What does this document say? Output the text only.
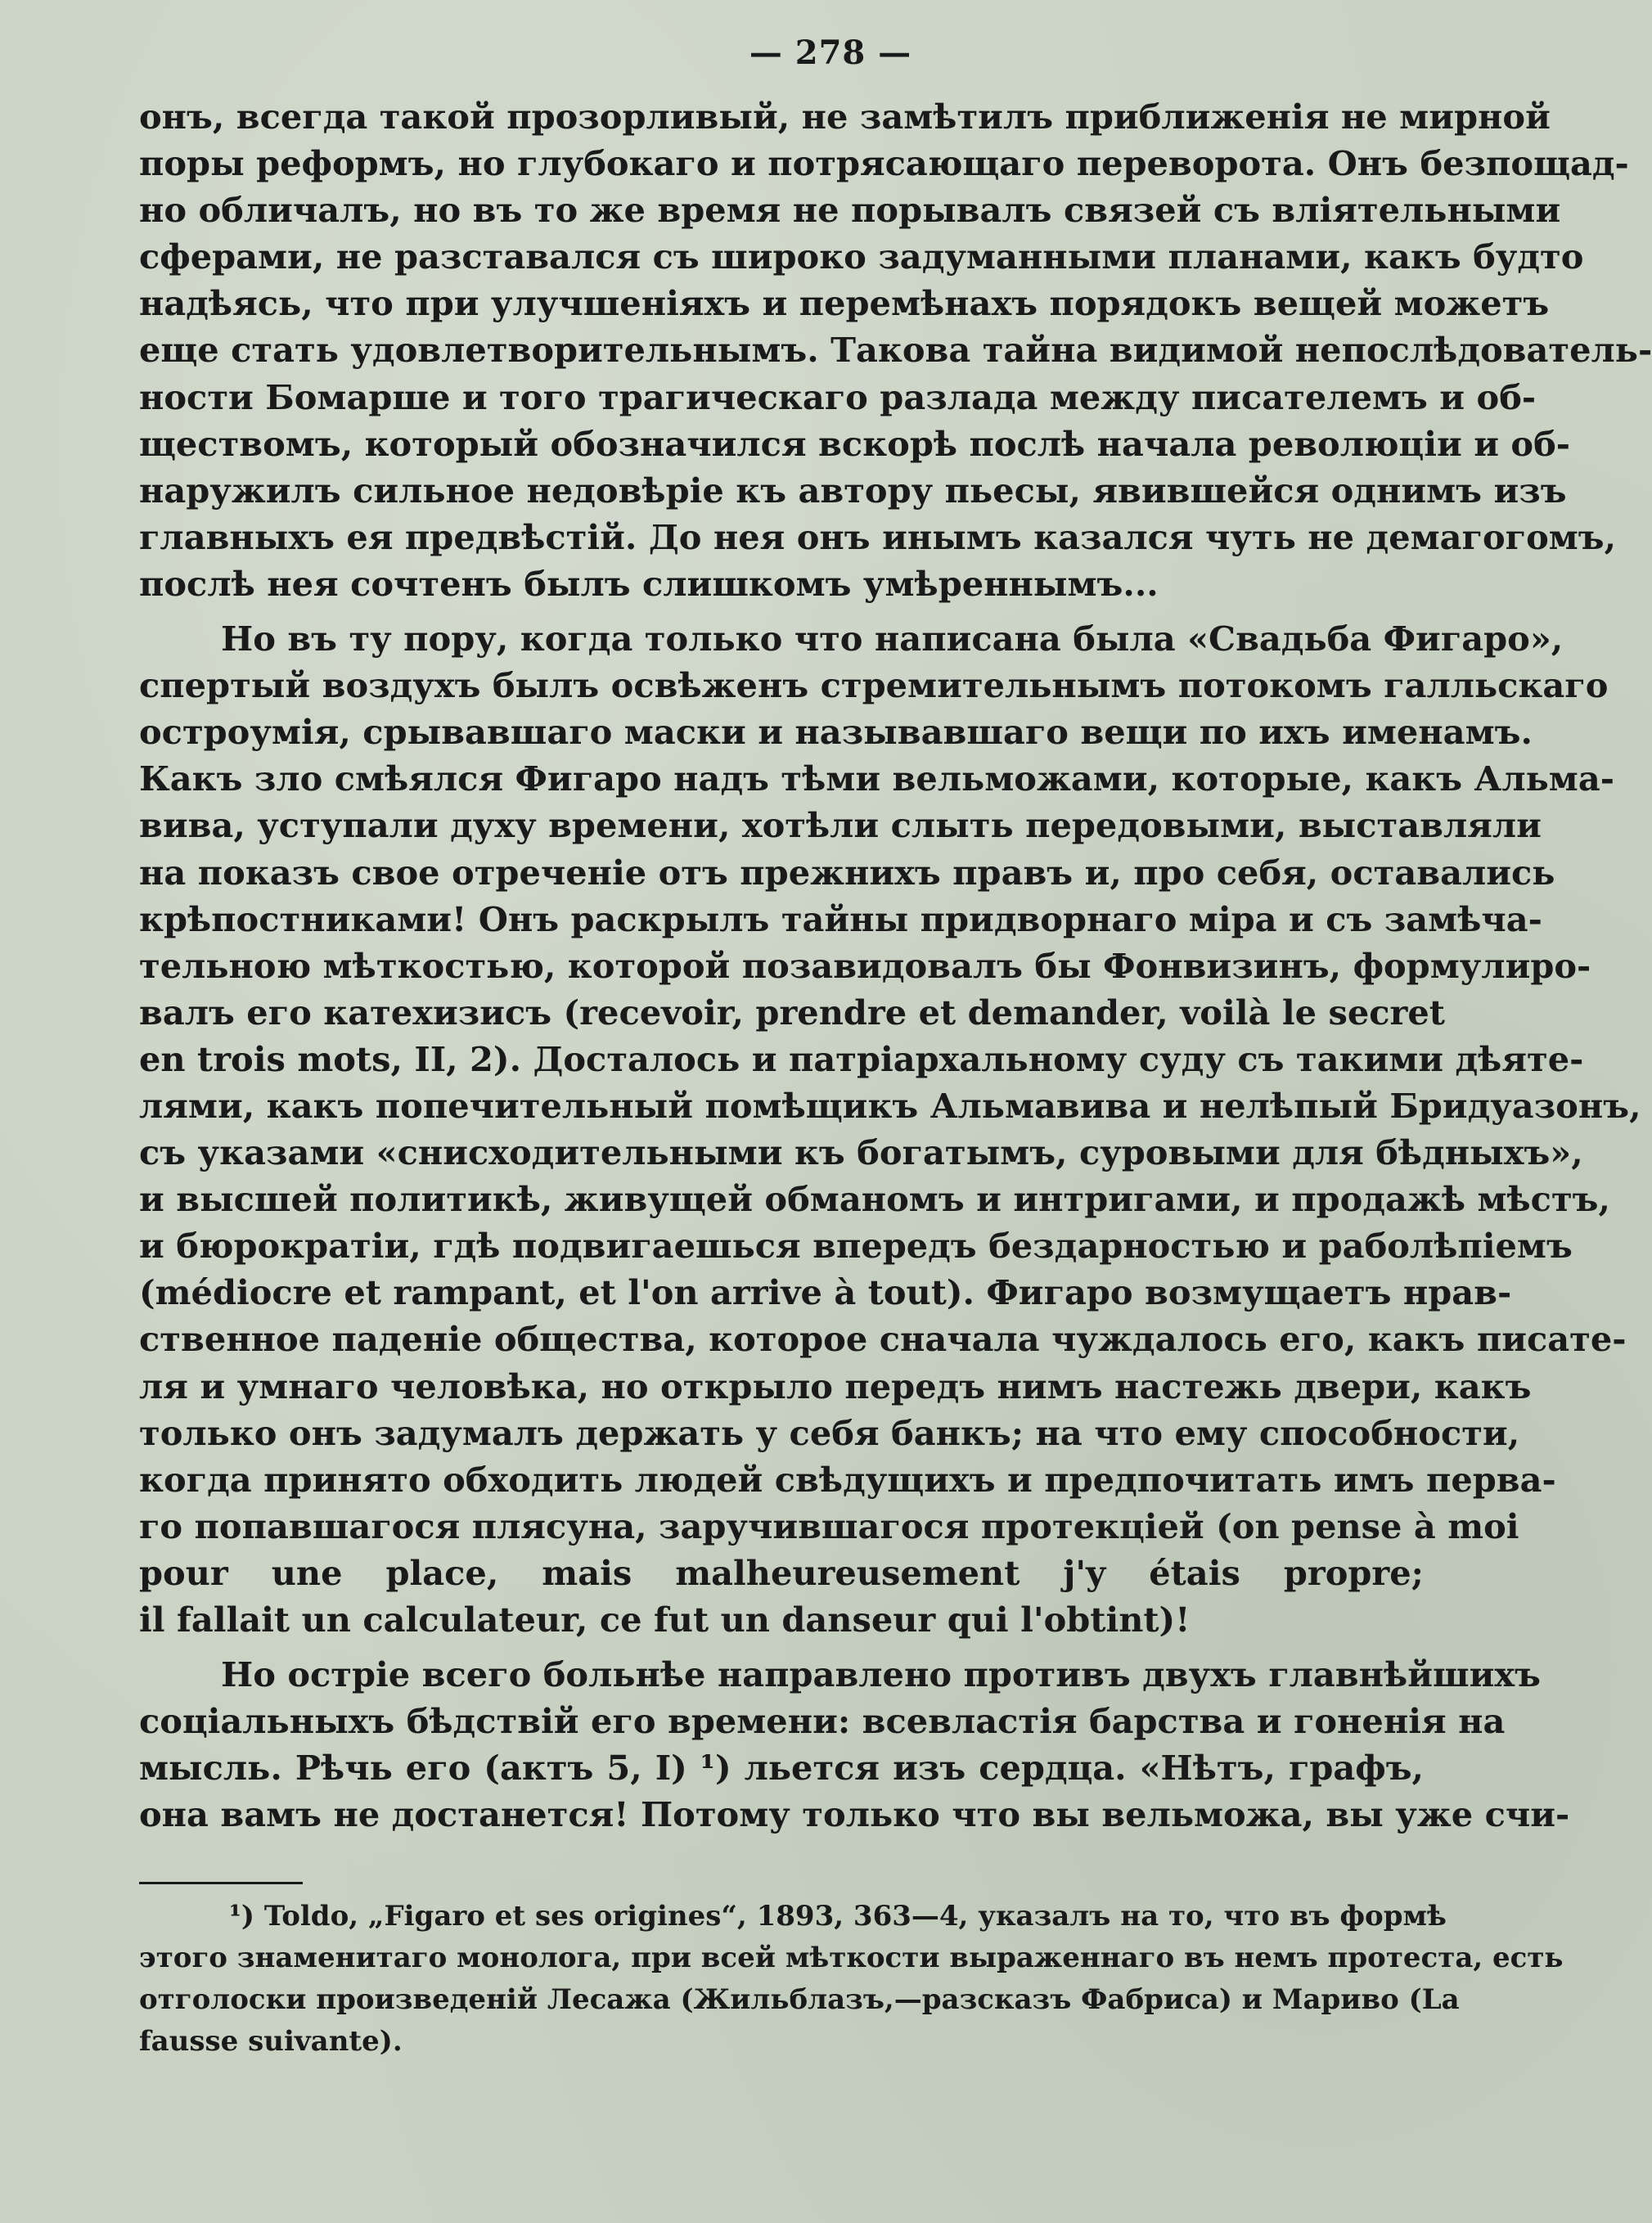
— 278 —
онъ, всегда такой прозорливый, не замѣтилъ приближенія не мирной
поры реформъ, но глубокаго и потрясающаго переворота. Онъ безпощад-
но обличалъ, но въ то же время не порывалъ связей съ вліятельными
сферами, не разставался съ широко задуманными планами, какъ будто
надѣясь, что при улучшеніяхъ и перемѣнахъ порядокъ вещей можетъ
еще стать удовлетворительнымъ. Такова тайна видимой непослѣдователь-
ности Бомарше и того трагическаго разлада между писателемъ и об-
ществомъ, который обозначился вскорѣ послѣ начала революціи и об-
наружилъ сильное недовѣріе къ автору пьесы, явившейся однимъ изъ
главныхъ ея предвѣстій. До нея онъ инымъ казался чуть не демагогомъ,
послѣ нея сочтенъ былъ слишкомъ умѣреннымъ...
Но въ ту пору, когда только что написана была «Свадьба Фигаро»,
спертый воздухъ былъ освѣженъ стремительнымъ потокомъ галльскаго
остроумія, срывавшаго маски и называвшаго вещи по ихъ именамъ.
Какъ зло смѣялся Фигаро надъ тѣми вельможами, которые, какъ Альма-
вива, уступали духу времени, хотѣли слыть передовыми, выставляли
на показъ свое отреченіе отъ прежнихъ правъ и, про себя, оставались
крѣпостниками! Онъ раскрылъ тайны придворнаго міра и съ замѣча-
тельною мѣткостью, которой позавидовалъ бы Фонвизинъ, формулиро-
валъ его катехизисъ (recevoir, prendre et demander, voilà le secret
en trois mots, II, 2). Досталось и патріархальному суду съ такими дѣяте-
лями, какъ попечительный помѣщикъ Альмавива и нелѣпый Бридуазонъ,
съ указами «снисходительными къ богатымъ, суровыми для бѣдныхъ»,
и высшей политикѣ, живущей обманомъ и интригами, и продажѣ мѣстъ,
и бюрократіи, гдѣ подвигаешься впередъ бездарностью и раболѣпіемъ
(médiocre et rampant, et l'on arrive à tout). Фигаро возмущаетъ нрав-
ственное паденіе общества, которое сначала чуждалось его, какъ писате-
ля и умнаго человѣка, но открыло передъ нимъ настежь двери, какъ
только онъ задумалъ держать у себя банкъ; на что ему способности,
когда принято обходить людей свѣдущихъ и предпочитать имъ перва-
го попавшагося плясуна, заручившагося протекціей (on pense à moi
pour une place, mais malheureusement j'y étais propre;
il fallait un calculateur, ce fut un danseur qui l'obtint)!
Но остріе всего больнѣе направлено противъ двухъ главнѣйшихъ
соціальныхъ бѣдствій его времени: всевластія барства и гоненія на
мысль. Рѣчь его (актъ 5, I) ¹) льется изъ сердца. «Нѣтъ, графъ,
она вамъ не достанется! Потому только что вы вельможа, вы уже счи-
¹) Toldo, „Figaro et ses origines“, 1893, 363—4, указалъ на то, что въ формѣ
этого знаменитаго монолога, при всей мѣткости выраженнаго въ немъ протеста, есть
отголоски произведеній Лесажа (Жильблазъ,—разсказъ Фабриса) и Мариво (La
fausse suivante).
